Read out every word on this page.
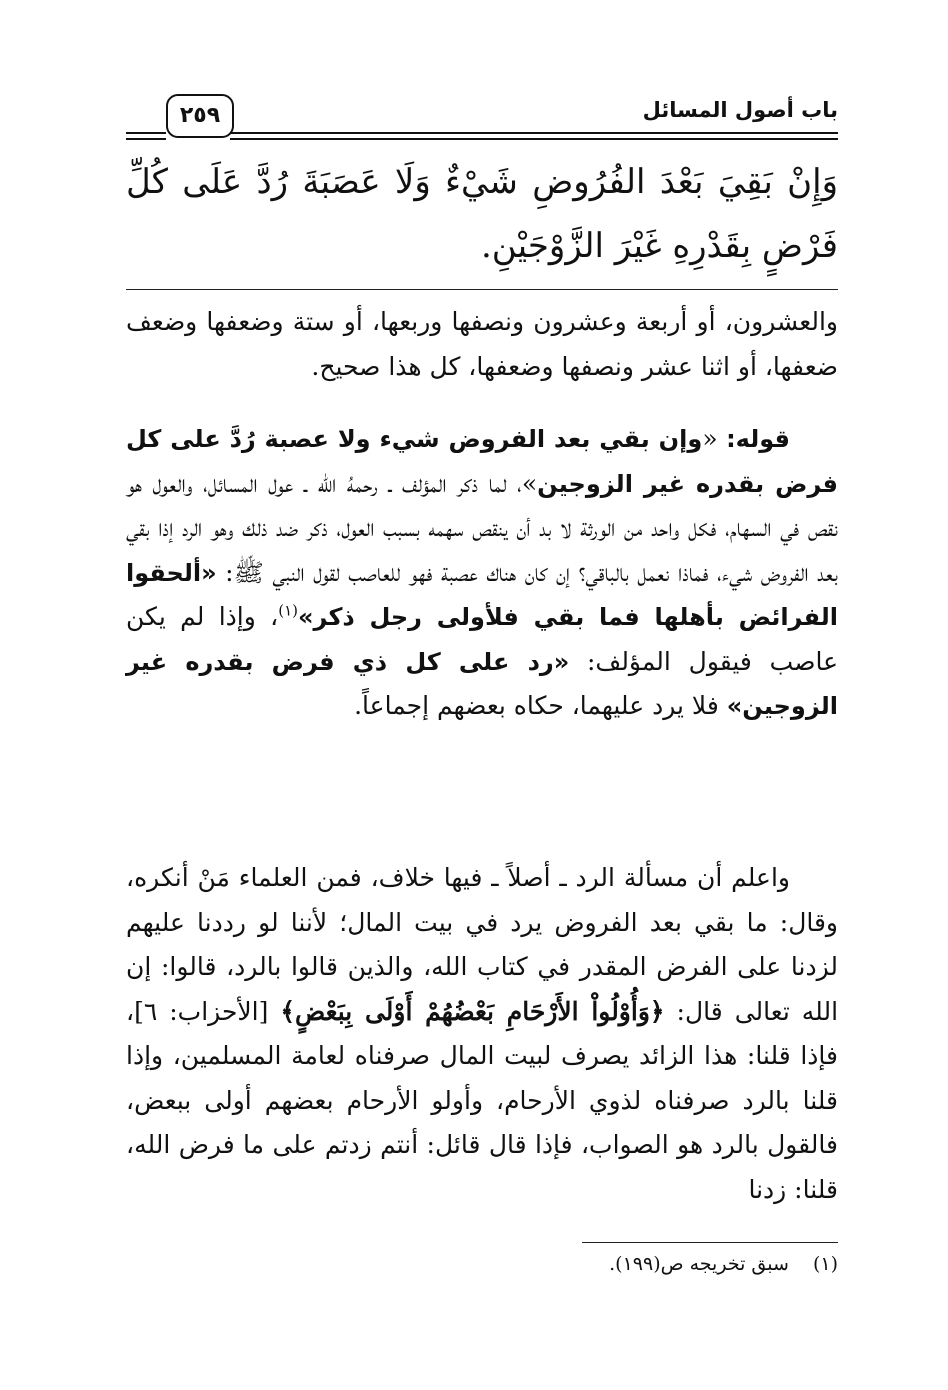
٢٥٩	باب أصول المسائل
وَإِنْ بَقِيَ بَعْدَ الفُرُوضِ شَيْءٌ وَلَا عَصَبَةَ رُدَّ عَلَى كُلِّ فَرْضٍ بِقَدْرِهِ غَيْرَ الزَّوْجَيْنِ.

والعشرون، أو أربعة وعشرون ونصفها وربعها، أو ستة وضعفها وضعف ضعفها، أو اثنا عشر ونصفها وضعفها، كل هذا صحيح.

قوله: «وإن بقي بعد الفروض شيء ولا عصبة رُدَّ على كل فرض بقدره غير الزوجين»، لما ذكر المؤلف ـ رحمهُ الله ـ عول المسائل، والعول هو نقص في السهام، فكل واحد من الورثة لا بد أن ينقص سهمه بسبب العول، ذكر ضد ذلك وهو الرد إذا بقي بعد الفروض شيء، فماذا نعمل بالباقي؟ إن كان هناك عصبة فهو للعاصب لقول النبي ﷺ: «ألحقوا الفرائض بأهلها فما بقي فلأولى رجل ذكر»$^{(١)}$، وإذا لم يكن عاصب فيقول المؤلف: «رد على كل ذي فرض بقدره غير الزوجين» فلا يرد عليهما، حكاه بعضهم إجماعاً.

واعلم أن مسألة الرد ـ أصلاً ـ فيها خلاف، فمن العلماء مَنْ أنكره، وقال: ما بقي بعد الفروض يرد في بيت المال؛ لأننا لو رددنا عليهم لزدنا على الفرض المقدر في كتاب الله، والذين قالوا بالرد، قالوا: إن الله تعالى قال: ﴿وَأُوْلُواْ الأَرْحَامِ بَعْضُهُمْ أَوْلَى بِبَعْضٍ﴾ [الأحزاب: ٦]، فإذا قلنا: هذا الزائد يصرف لبيت المال صرفناه لعامة المسلمين، وإذا قلنا بالرد صرفناه لذوي الأرحام، وأولو الأرحام بعضهم أولى ببعض، فالقول بالرد هو الصواب، فإذا قال قائل: أنتم زدتم على ما فرض الله، قلنا: زدنا

(١)سبق تخريجه ص(١٩٩).
